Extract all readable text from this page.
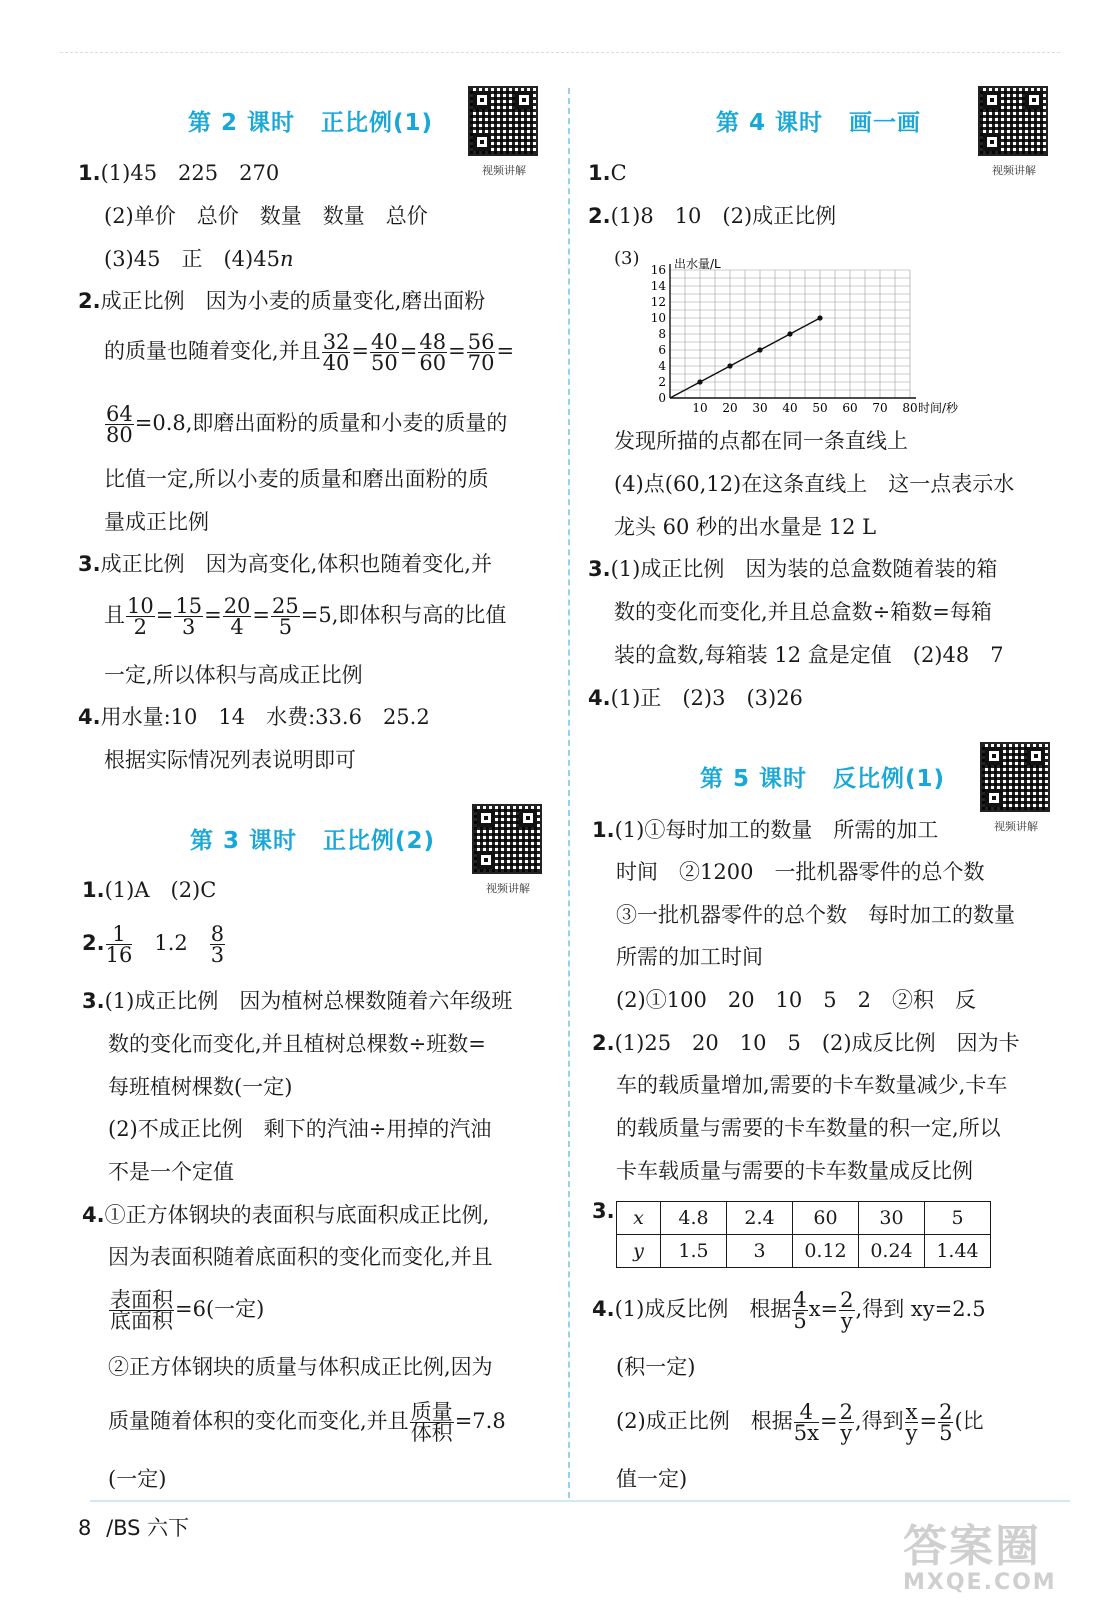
第 2 课时 正比例(1)
视频讲解
1.(1)45　225　270
(2)单价　总价　数量　数量　总价
(3)45　正　(4)45n
2.成正比例　因为小麦的质量变化,磨出面粉
的质量也随着变化,并且 $\frac{32}{40} = \frac{40}{50} = \frac{48}{60} = \frac{56}{70}$ =
$\frac{64}{80} =0.8$,即磨出面粉的质量和小麦的质量的
比值一定,所以小麦的质量和磨出面粉的质
量成正比例
3.成正比例　因为高变化,体积也随着变化,并
且 $\frac{10}{2} = \frac{15}{3} = \frac{20}{4} = \frac{25}{5} =5$,即体积与高的比值
一定,所以体积与高成正比例
4.用水量:10　14　水费:33.6　25.2
根据实际情况列表说明即可
第 3 课时 正比例(2)
视频讲解
1.(1)A　(2)C
2. $\frac{1}{16}$
　 1.2　 $\frac{8}{3}$
3.(1)成正比例　因为植树总棵数随着六年级班
数的变化而变化,并且植树总棵数÷班数=
每班植树棵数(一定)
(2)不成正比例　剩下的汽油÷用掉的汽油
不是一个定值
4.①正方体钢块的表面积与底面积成正比例,
因为表面积随着底面积的变化而变化,并且
$\frac{\text{表面积}}{\text{底面积}} =6$(一定)
②正方体钢块的质量与体积成正比例,因为
质量随着体积的变化而变化,并且 $\frac{\text{质量}}{\text{体积}} =7.8$
(一定)
第 4 课时 画一画
视频讲解
1.C
2.(1)8　10　(2)成正比例
(3)
10 20 30 40 50 60 70 80
2
4
6
8
10
12
14
16
0
出水量/L
时间/秒
发现所描的点都在同一条直线上
(4)点(60,12)在这条直线上　这一点表示水
龙头 60 秒的出水量是 12 L
3.(1)成正比例　因为装的总盒数随着装的箱
数的变化而变化,并且总盒数÷箱数=每箱
装的盒数,每箱装 12 盒是定值　(2)48　7
4.(1)正　(2)3　(3)26
第 5 课时 反比例(1)
视频讲解
1.(1)①每时加工的数量　所需的加工
时间　②1200　一批机器零件的总个数
③一批机器零件的总个数　每时加工的数量
所需的加工时间
(2)①100　20　10　5　2　②积　反
2.(1)25　20　10　5　(2)成反比例　因为卡
车的载质量增加,需要的卡车数量减少,卡车
的载质量与需要的卡车数量的积一定,所以
卡车载质量与需要的卡车数量成反比例
3. x	4.8	2.4	60	30	5
y	1.5	3	0.12	0.24	1.44
4.(1)成反比例　根据 $\frac{4}{5} x= \frac{2}{y}$ ,得到 xy=2.5
(积一定)
(2)成正比例　根据 $\frac{4}{5x} = \frac{2}{y}$ ,得到 $\frac{x}{y} = \frac{2}{5}$ (比
值一定)
8 /BS 六下	答案圈
MXQE.COM
